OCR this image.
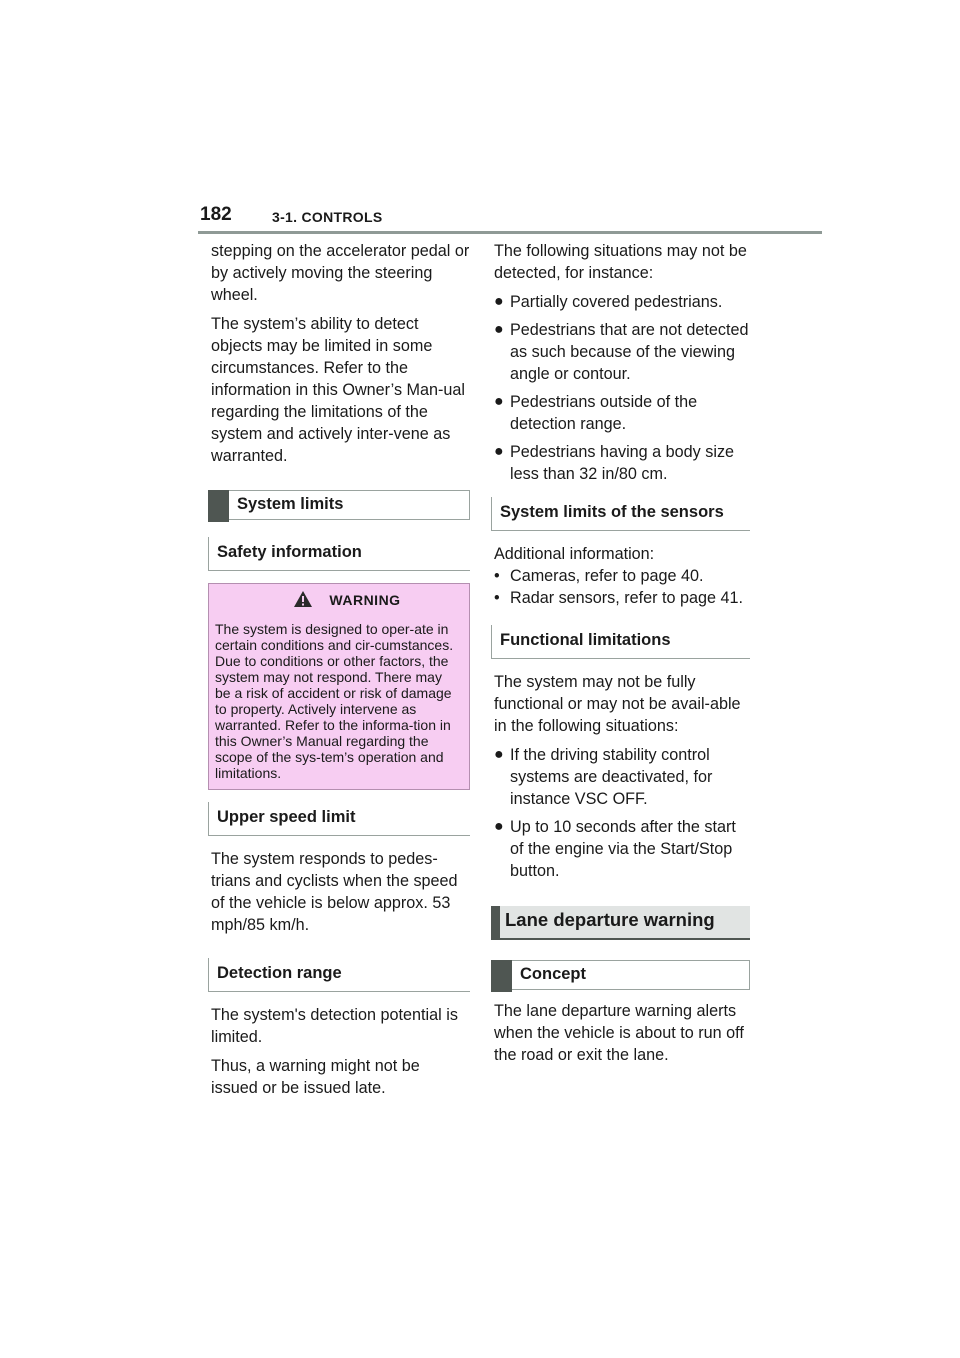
182	3-1. CONTROLS

stepping on the accelerator pedal or by actively moving the steering wheel.

The system’s ability to detect objects may be limited in some circumstances. Refer to the information in this Owner’s Man-ual regarding the limitations of the system and actively inter-vene as warranted.

System limits
Safety information
WARNING

The system is designed to oper-ate in certain conditions and cir-cumstances. Due to conditions or other factors, the system may not respond. There may be a risk of accident or risk of damage to property. Actively intervene as warranted. Refer to the informa-tion in this Owner’s Manual regarding the scope of the sys-tem’s operation and limitations.

Upper speed limit

The system responds to pedes-trians and cyclists when the speed of the vehicle is below approx. 53 mph/85 km/h.

Detection range

The system's detection potential is limited.

Thus, a warning might not be issued or be issued late.

The following situations may not be detected, for instance:

● Partially covered pedestrians.
● Pedestrians that are not detected as such because of the viewing angle or contour.
● Pedestrians outside of the detection range.
● Pedestrians having a body size less than 32 in/80 cm.
System limits of the sensors

Additional information:

• Cameras, refer to page 40.
• Radar sensors, refer to page 41.
Functional limitations

The system may not be fully functional or may not be avail-able in the following situations:

● If the driving stability control systems are deactivated, for instance VSC OFF.
● Up to 10 seconds after the start of the engine via the Start/Stop button.
Lane departure warning
Concept

The lane departure warning alerts when the vehicle is about to run off the road or exit the lane.
